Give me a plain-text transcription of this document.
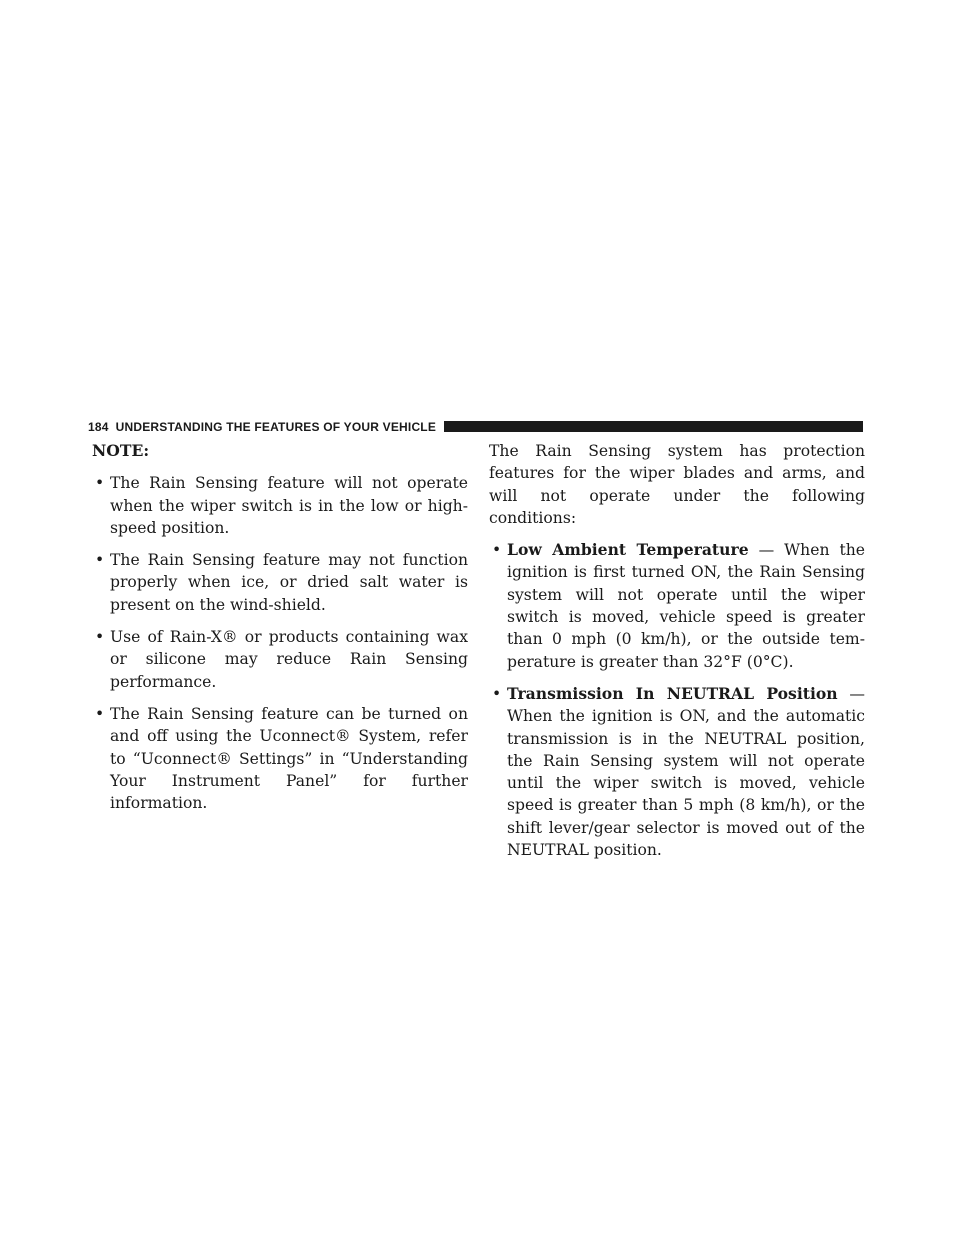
184 UNDERSTANDING THE FEATURES OF YOUR VEHICLE

NOTE:

• The Rain Sensing feature will not operate when the wiper switch is in the low or high-speed position.
• The Rain Sensing feature may not function properly when ice, or dried salt water is present on the wind-shield.
• Use of Rain-X® or products containing wax or silicone may reduce Rain Sensing performance.
• The Rain Sensing feature can be turned on and off using the Uconnect® System, refer to “Uconnect® Settings” in “Understanding Your Instrument Panel” for further information.

The Rain Sensing system has protection features for the wiper blades and arms, and will not operate under the following conditions:

• Low Ambient Temperature — When the ignition is first turned ON, the Rain Sensing system will not operate until the wiper switch is moved, vehicle speed is greater than 0 mph (0 km/h), or the outside tem-perature is greater than 32°F (0°C).
• Transmission In NEUTRAL Position — When the ignition is ON, and the automatic transmission is in the NEUTRAL position, the Rain Sensing system will not operate until the wiper switch is moved, vehicle speed is greater than 5 mph (8 km/h), or the shift lever/gear selector is moved out of the NEUTRAL position.
